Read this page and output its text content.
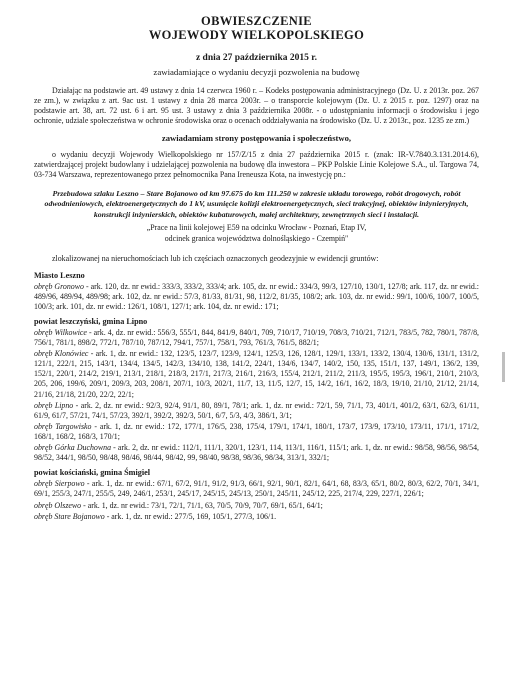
OBWIESZCZENIE
WOJEWODY WIELKOPOLSKIEGO
z dnia 27 października 2015 r.
zawiadamiające o wydaniu decyzji pozwolenia na budowę

Działając na podstawie art. 49 ustawy z dnia 14 czerwca 1960 r. – Kodeks postępowania administracyjnego (Dz. U. z 2013r. poz. 267 ze zm.), w związku z art. 9ac ust. 1 ustawy z dnia 28 marca 2003r. – o transporcie kolejowym (Dz. U. z 2015 r. poz. 1297) oraz na podstawie art. 38, art. 72 ust. 6 i art. 95 ust. 3 ustawy z dnia 3 października 2008r. - o udostępnianiu informacji o środowisku i jego ochronie, udziale społeczeństwa w ochronie środowiska oraz o ocenach oddziaływania na środowisko (Dz. U. z 2013r., poz. 1235 ze zm.)

zawiadamiam strony postępowania i społeczeństwo,

o wydaniu decyzji Wojewody Wielkopolskiego nr 157/Z/15 z dnia 27 października 2015 r. (znak: IR-V.7840.3.131.2014.6), zatwierdzającej projekt budowlany i udzielającej pozwolenia na budowę dla inwestora – PKP Polskie Linie Kolejowe S.A., ul. Targowa 74, 03-734 Warszawa, reprezentowanego przez pełnomocnika Pana Ireneusza Kota, na inwestycję pn.:

Przebudowa szlaku Leszno – Stare Bojanowo od km 97.675 do km 111.250 w zakresie układu torowego, robót drogowych, robót odwodnieniowych, elektroenergetycznych do 1 kV, usunięcie kolizji elektroenergetycznych, sieci trakcyjnej, obiektów inżynieryjnych, konstrukcji inżynierskich, obiektów kubaturowych, małej architektury, zewnętrznych sieci i instalacji.
„Prace na linii kolejowej E59 na odcinku Wrocław - Poznań, Etap IV,
odcinek granica województwa dolnośląskiego - Czempiń"

zlokalizowanej na nieruchomościach lub ich częściach oznaczonych geodezyjnie w ewidencji gruntów:

Miasto Leszno

obręb Gronowo - ark. 120, dz. nr ewid.: 333/3, 333/2, 333/4; ark. 105, dz. nr ewid.: 334/3, 99/3, 127/10, 130/1, 127/8; ark. 117, dz. nr ewid.: 489/96, 489/94, 489/98; ark. 102, dz. nr ewid.: 57/3, 81/33, 81/31, 98, 112/2, 81/35, 108/2; ark. 103, dz. nr ewid.: 99/1, 100/6, 100/7, 100/5, 100/3; ark. 101, dz. nr ewid.: 126/1, 108/1, 127/1; ark. 104, dz. nr ewid.: 171;

powiat leszczyński, gmina Lipno

obręb Wilkowice - ark. 4, dz. nr ewid.: 556/3, 555/1, 844, 841/9, 840/1, 709, 710/17, 710/19, 708/3, 710/21, 712/1, 783/5, 782, 780/1, 787/8, 756/1, 781/1, 898/2, 772/1, 787/10, 787/12, 794/1, 757/1, 758/1, 793, 761/3, 761/5, 882/1;

obręb Klonówiec - ark. 1, dz. nr ewid.: 132, 123/5, 123/7, 123/9, 124/1, 125/3, 126, 128/1, 129/1, 133/1, 133/2, 130/4, 130/6, 131/1, 131/2, 121/1, 222/1, 215, 143/1, 134/4, 134/5, 142/3, 134/10, 138, 141/2, 224/1, 134/6, 134/7, 140/2, 150, 135, 151/1, 137, 149/1, 136/2, 139, 152/1, 220/1, 214/2, 219/1, 213/1, 218/1, 218/3, 217/1, 217/3, 216/1, 216/3, 155/4, 212/1, 211/2, 211/3, 195/5, 195/3, 196/1, 210/1, 210/3, 205, 206, 199/6, 209/1, 209/3, 203, 208/1, 207/1, 10/3, 202/1, 11/7, 13, 11/5, 12/7, 15, 14/2, 16/1, 16/2, 18/3, 19/10, 21/10, 21/12, 21/14, 21/16, 21/18, 21/20, 22/2, 22/1;

obręb Lipno - ark. 2, dz. nr ewid.: 92/3, 92/4, 91/1, 80, 89/1, 78/1; ark. 1, dz. nr ewid.: 72/1, 59, 71/1, 73, 401/1, 401/2, 63/1, 62/3, 61/11, 61/9, 61/7, 57/21, 74/1, 57/23, 392/1, 392/2, 392/3, 50/1, 6/7, 5/3, 4/3, 386/1, 3/1;

obręb Targowisko - ark. 1, dz. nr ewid.: 172, 177/1, 176/5, 238, 175/4, 179/1, 174/1, 180/1, 173/7, 173/9, 173/10, 173/11, 171/1, 171/2, 168/1, 168/2, 168/3, 170/1;

obręb Górka Duchowna - ark. 2, dz. nr ewid.: 112/1, 111/1, 320/1, 123/1, 114, 113/1, 116/1, 115/1; ark. 1, dz. nr ewid.: 98/58, 98/56, 98/54, 98/52, 344/1, 98/50, 98/48, 98/46, 98/44, 98/42, 99, 98/40, 98/38, 98/36, 98/34, 313/1, 332/1;

powiat kościański, gmina Śmigiel

obręb Sierpowo - ark. 1, dz. nr ewid.: 67/1, 67/2, 91/1, 91/2, 91/3, 66/1, 92/1, 90/1, 82/1, 64/1, 68, 83/3, 65/1, 80/2, 80/3, 62/2, 70/1, 34/1, 69/1, 255/3, 247/1, 255/5, 249, 246/1, 253/1, 245/17, 245/15, 245/13, 250/1, 245/11, 245/12, 225, 217/4, 229, 227/1, 226/1;

obręb Olszewo - ark. 1, dz. nr ewid.: 73/1, 72/1, 71/1, 63, 70/5, 70/9, 70/7, 69/1, 65/1, 64/1;

obręb Stare Bojanowo - ark. 1, dz. nr ewid.: 277/5, 169, 105/1, 277/3, 106/1.
